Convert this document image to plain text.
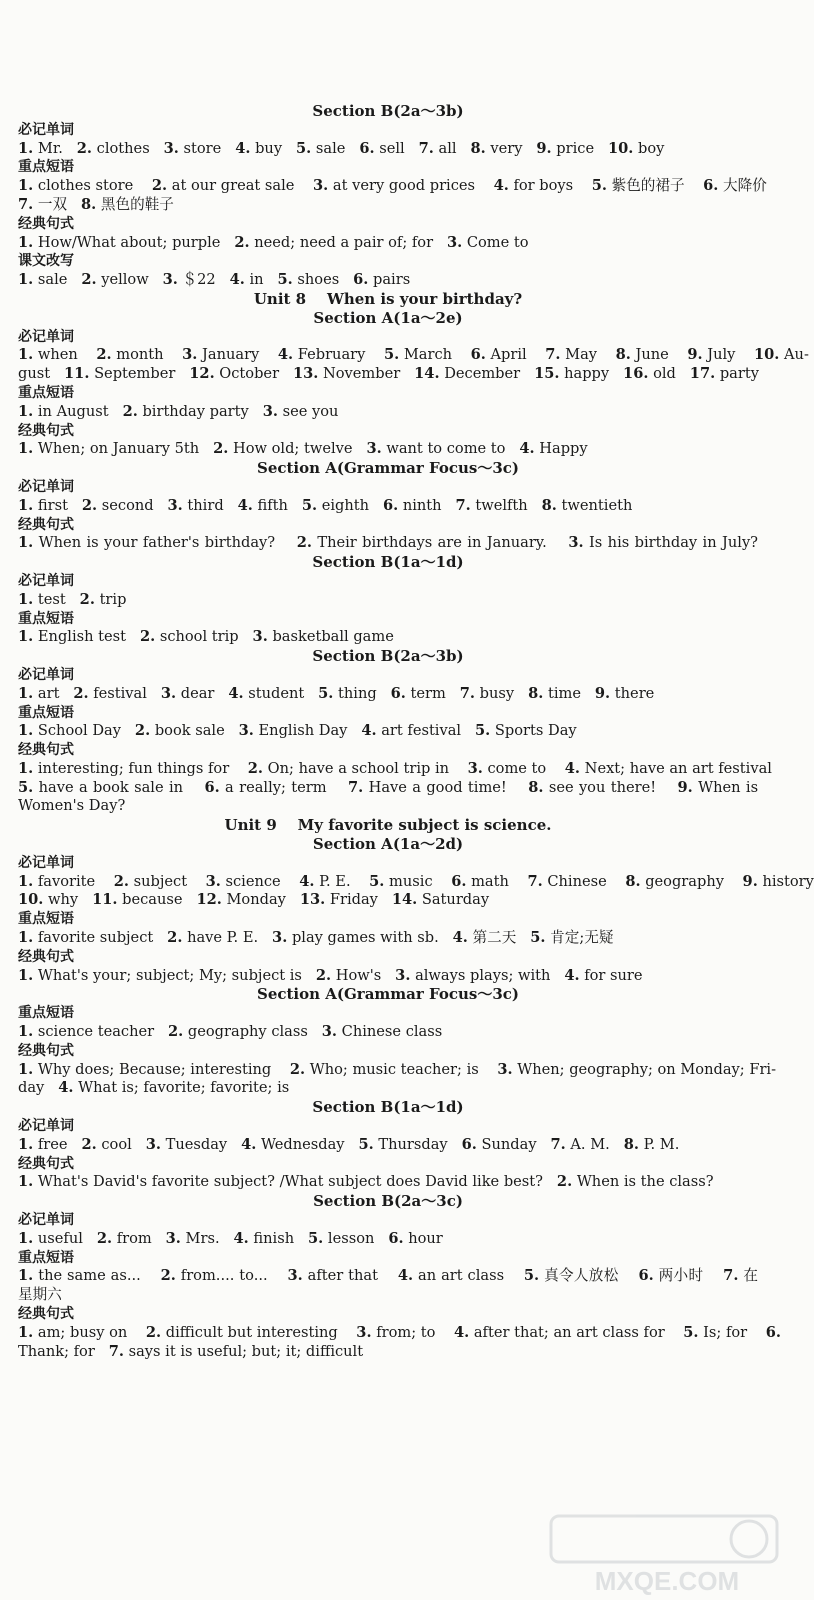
Section B(2a～3b)
必记单词
1. Mr. 2. clothes 3. store 4. buy 5. sale 6. sell 7. all 8. very 9. price 10. boy
重点短语
1. clothes store 2. at our great sale 3. at very good prices 4. for boys 5. 紫色的裙子 6. 大降价
7. 一双 8. 黑色的鞋子
经典句式
1. How/What about; purple 2. need; need a pair of; for 3. Come to
课文改写
1. sale 2. yellow 3. ＄22 4. in 5. shoes 6. pairs
Unit 8    When is your birthday?
Section A(1a～2e)
必记单词
1. when 2. month 3. January 4. February 5. March 6. April 7. May 8. June 9. July 10. Au-
gust 11. September 12. October 13. November 14. December 15. happy 16. old 17. party
重点短语
1. in August 2. birthday party 3. see you
经典句式
1. When; on January 5th 2. How old; twelve 3. want to come to 4. Happy
Section A(Grammar Focus～3c)
必记单词
1. first 2. second 3. third 4. fifth 5. eighth 6. ninth 7. twelfth 8. twentieth
经典句式
1. When is your father's birthday? 2. Their birthdays are in January. 3. Is his birthday in July?
Section B(1a～1d)
必记单词
1. test 2. trip
重点短语
1. English test 2. school trip 3. basketball game
Section B(2a～3b)
必记单词
1. art 2. festival 3. dear 4. student 5. thing 6. term 7. busy 8. time 9. there
重点短语
1. School Day 2. book sale 3. English Day 4. art festival 5. Sports Day
经典句式
1. interesting; fun things for 2. On; have a school trip in 3. come to 4. Next; have an art festival
5. have a book sale in 6. a really; term 7. Have a good time! 8. see you there! 9. When is
Women's Day?
Unit 9    My favorite subject is science.
Section A(1a～2d)
必记单词
1. favorite 2. subject 3. science 4. P. E. 5. music 6. math 7. Chinese 8. geography 9. history
10. why 11. because 12. Monday 13. Friday 14. Saturday
重点短语
1. favorite subject 2. have P. E. 3. play games with sb. 4. 第二天 5. 肯定;无疑
经典句式
1. What's your; subject; My; subject is 2. How's 3. always plays; with 4. for sure
Section A(Grammar Focus～3c)
重点短语
1. science teacher 2. geography class 3. Chinese class
经典句式
1. Why does; Because; interesting 2. Who; music teacher; is 3. When; geography; on Monday; Fri-
day 4. What is; favorite; favorite; is
Section B(1a～1d)
必记单词
1. free 2. cool 3. Tuesday 4. Wednesday 5. Thursday 6. Sunday 7. A. M. 8. P. M.
经典句式
1. What's David's favorite subject? /What subject does David like best? 2. When is the class?
Section B(2a～3c)
必记单词
1. useful 2. from 3. Mrs. 4. finish 5. lesson 6. hour
重点短语
1. the same as... 2. from.... to... 3. after that 4. an art class 5. 真令人放松 6. 两小时 7. 在
星期六
经典句式
1. am; busy on 2. difficult but interesting 3. from; to 4. after that; an art class for 5. Is; for 6.
Thank; for 7. says it is useful; but; it; difficult
MXQE.COM
